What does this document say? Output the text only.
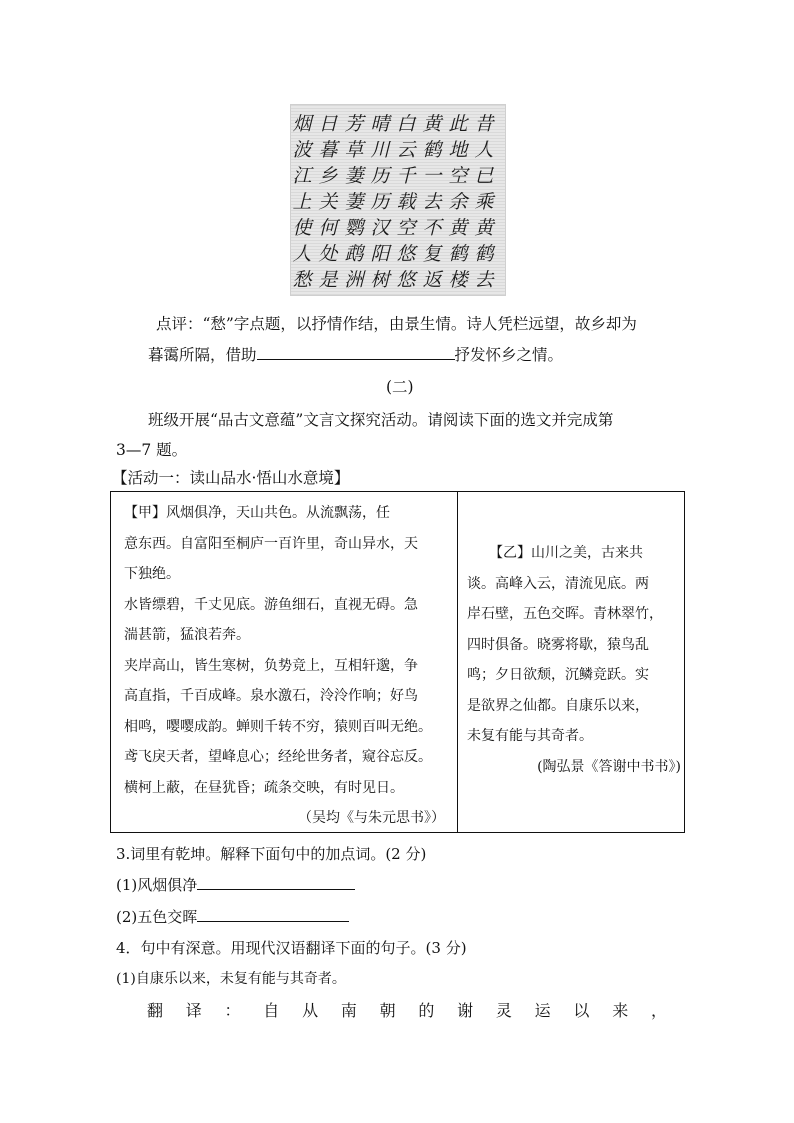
昔
人
已
乘
黄
鹤
去
此
地
空
余
黄
鹤
楼
黄
鹤
一
去
不
复
返
白
云
千
载
空
悠
悠
晴
川
历
历
汉
阳
树
芳
草
萋
萋
鹦
鹉
洲
日
暮
乡
关
何
处
是
烟
波
江
上
使
人
愁
点评：“愁”字点题，以抒情作结，由景生情。诗人凭栏远望，故乡却为
暮霭所隔，借助	抒发怀乡之情。
(二)
班级开展“品古文意蕴”文言文探究活动。请阅读下面的选文并完成第
3—7 题。
【活动一：读山品水·悟山水意境】
【甲】风烟俱净，天山共色。从流飘荡，任
意东西。自富阳至桐庐一百许里，奇山异水，天
下独绝。
水皆缥碧，千丈见底。游鱼细石，直视无碍。急
湍甚箭，猛浪若奔。
夹岸高山，皆生寒树，负势竞上，互相轩邈，争
高直指，千百成峰。泉水激石，泠泠作响；好鸟
相鸣，嘤嘤成韵。蝉则千转不穷，猿则百叫无绝。
鸢飞戾天者，望峰息心；经纶世务者，窥谷忘反。
横柯上蔽，在昼犹昏；疏条交映，有时见日。
（吴均《与朱元思书》）
【乙】山川之美，古来共
谈。高峰入云，清流见底。两
岸石壁，五色交晖。青林翠竹，
四时俱备。晓雾将歇，猿鸟乱
鸣；夕日欲颓，沉鳞竞跃。实
是欲界之仙都。自康乐以来，
未复有能与其奇者。
(陶弘景《答谢中书书》)
3.词里有乾坤。解释下面句中的加点词。(2 分)
(1)风烟俱净
(2)五色交晖
4．句中有深意。用现代汉语翻译下面的句子。(3 分)
(1)自康乐以来，未复有能与其奇者。
翻 译 ： 自 从 南 朝 的 谢 灵 运 以 来 ，
